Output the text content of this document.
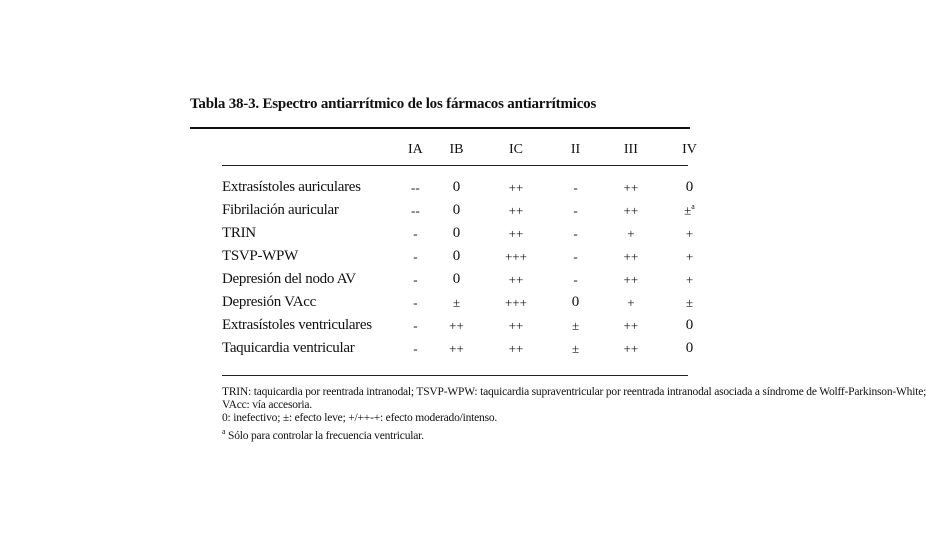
Tabla 38-3. Espectro antiarrítmico de los fármacos antiarrítmicos
	IA	IB	IC	II	III	IV
Extrasístoles auriculares	--	0	++	-	++	0
Fibrilación auricular	--	0	++	-	++	±$^a$
TRIN	-	0	++	-	+	+
TSVP-WPW	-	0	+++	-	++	+
Depresión del nodo AV	-	0	++	-	++	+
Depresión VAcc	-	±	+++	0	+	±
Extrasístoles ventriculares	-	++	++	±	++	0
Taquicardia ventricular	-	++	++	±	++	0
TRIN: taquicardia por reentrada intranodal; TSVP-WPW: taquicardia supraventricular por reentrada intranodal asociada a síndrome de Wolff-Parkinson-White;
VAcc: vía accesoria.
0: inefectivo; ±: efecto leve; +/++-+: efecto moderado/intenso.
$^a$ Sólo para controlar la frecuencia ventricular.
